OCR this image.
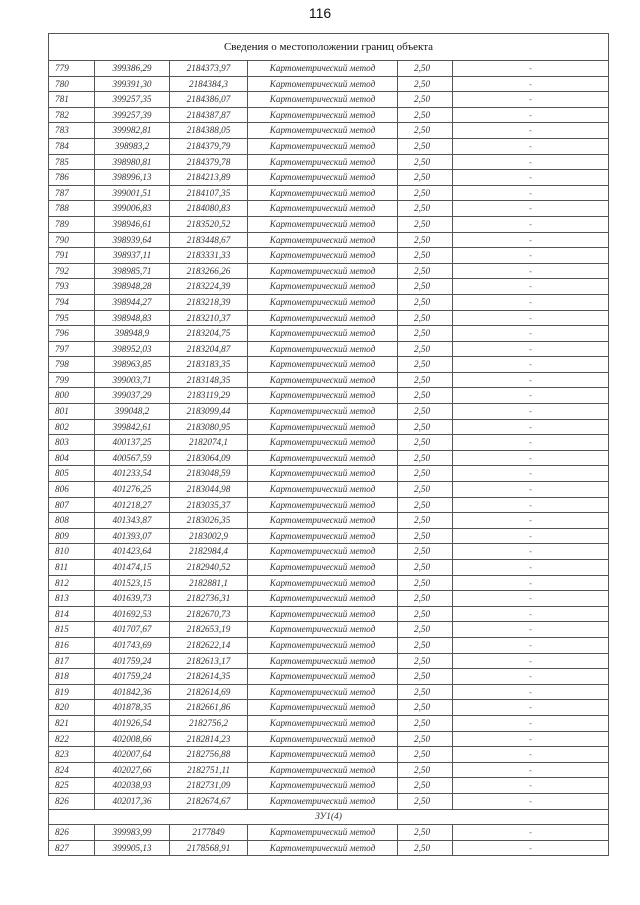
116
Сведения о местоположении границ объекта					
779	399386,29	2184373,97	Картометрический метод	2,50	-
780	399391,30	2184384,3	Картометрический метод	2,50	-
781	399257,35	2184386,07	Картометрический метод	2,50	-
782	399257,39	2184387,87	Картометрический метод	2,50	-
783	399982,81	2184388,05	Картометрический метод	2,50	-
784	398983,2	2184379,79	Картометрический метод	2,50	-
785	398980,81	2184379,78	Картометрический метод	2,50	-
786	398996,13	2184213,89	Картометрический метод	2,50	-
787	399001,51	2184107,35	Картометрический метод	2,50	-
788	399006,83	2184080,83	Картометрический метод	2,50	-
789	398946,61	2183520,52	Картометрический метод	2,50	-
790	398939,64	2183448,67	Картометрический метод	2,50	-
791	398937,11	2183331,33	Картометрический метод	2,50	-
792	398985,71	2183266,26	Картометрический метод	2,50	-
793	398948,28	2183224,39	Картометрический метод	2,50	-
794	398944,27	2183218,39	Картометрический метод	2,50	-
795	398948,83	2183210,37	Картометрический метод	2,50	-
796	398948,9	2183204,75	Картометрический метод	2,50	-
797	398952,03	2183204,87	Картометрический метод	2,50	-
798	398963,85	2183183,35	Картометрический метод	2,50	-
799	399003,71	2183148,35	Картометрический метод	2,50	-
800	399037,29	2183119,29	Картометрический метод	2,50	-
801	399048,2	2183099,44	Картометрический метод	2,50	-
802	399842,61	2183080,95	Картометрический метод	2,50	-
803	400137,25	2182074,1	Картометрический метод	2,50	-
804	400567,59	2183064,09	Картометрический метод	2,50	-
805	401233,54	2183048,59	Картометрический метод	2,50	-
806	401276,25	2183044,98	Картометрический метод	2,50	-
807	401218,27	2183035,37	Картометрический метод	2,50	-
808	401343,87	2183026,35	Картометрический метод	2,50	-
809	401393,07	2183002,9	Картометрический метод	2,50	-
810	401423,64	2182984,4	Картометрический метод	2,50	-
811	401474,15	2182940,52	Картометрический метод	2,50	-
812	401523,15	2182881,1	Картометрический метод	2,50	-
813	401639,73	2182736,31	Картометрический метод	2,50	-
814	401692,53	2182670,73	Картометрический метод	2,50	-
815	401707,67	2182653,19	Картометрический метод	2,50	-
816	401743,69	2182622,14	Картометрический метод	2,50	-
817	401759,24	2182613,17	Картометрический метод	2,50	-
818	401759,24	2182614,35	Картометрический метод	2,50	-
819	401842,36	2182614,69	Картометрический метод	2,50	-
820	401878,35	2182661,86	Картометрический метод	2,50	-
821	401926,54	2182756,2	Картометрический метод	2,50	-
822	402008,66	2182814,23	Картометрический метод	2,50	-
823	402007,64	2182756,88	Картометрический метод	2,50	-
824	402027,66	2182751,11	Картометрический метод	2,50	-
825	402038,93	2182731,09	Картометрический метод	2,50	-
826	402017,36	2182674,67	Картометрический метод	2,50	-
ЗУ1(4)					
826	399983,99	2177849	Картометрический метод	2,50	-
827	399905,13	2178568,91	Картометрический метод	2,50	-
